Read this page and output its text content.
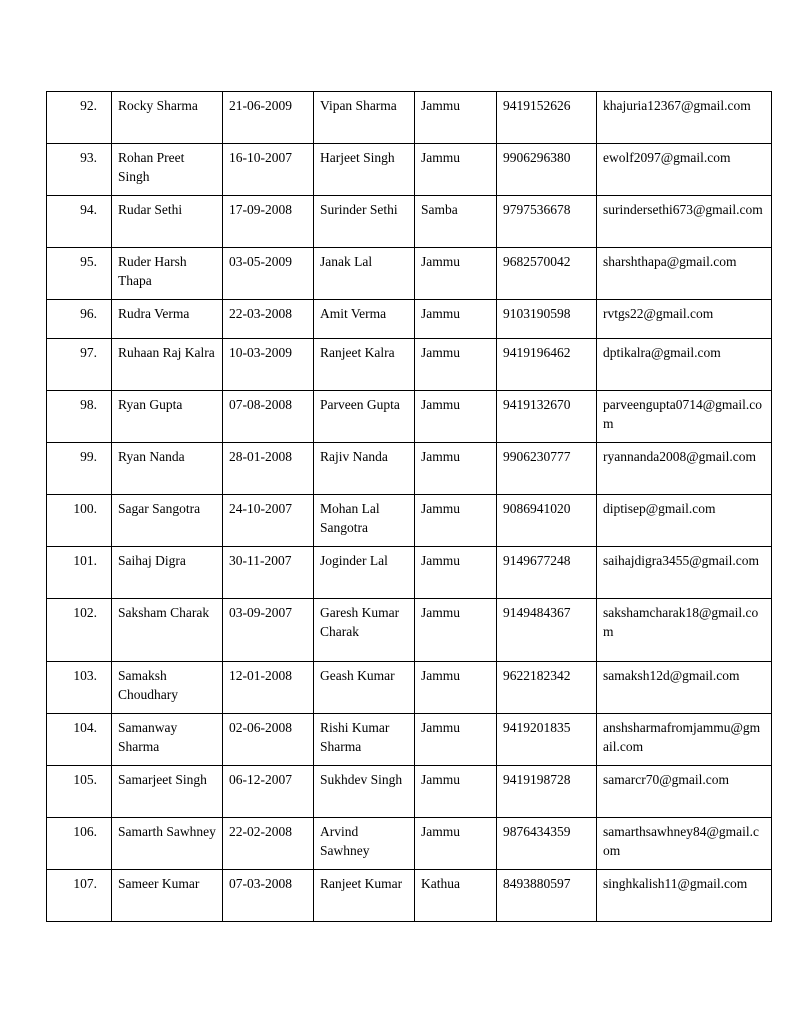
92.	Rocky Sharma	21-06-2009	Vipan Sharma	Jammu	9419152626	khajuria12367@gmail.com
93.	Rohan Preet Singh	16-10-2007	Harjeet Singh	Jammu	9906296380	ewolf2097@gmail.com
94.	Rudar Sethi	17-09-2008	Surinder Sethi	Samba	9797536678	surindersethi673@gmail.com
95.	Ruder Harsh Thapa	03-05-2009	Janak Lal	Jammu	9682570042	sharshthapa@gmail.com
96.	Rudra Verma	22-03-2008	Amit Verma	Jammu	9103190598	rvtgs22@gmail.com
97.	Ruhaan Raj Kalra	10-03-2009	Ranjeet Kalra	Jammu	9419196462	dptikalra@gmail.com
98.	Ryan Gupta	07-08-2008	Parveen Gupta	Jammu	9419132670	parveengupta0714@gmail.com
99.	Ryan Nanda	28-01-2008	Rajiv Nanda	Jammu	9906230777	ryannanda2008@gmail.com
100.	Sagar Sangotra	24-10-2007	Mohan Lal Sangotra	Jammu	9086941020	diptisep@gmail.com
101.	Saihaj Digra	30-11-2007	Joginder Lal	Jammu	9149677248	saihajdigra3455@gmail.com
102.	Saksham Charak	03-09-2007	Garesh Kumar Charak	Jammu	9149484367	sakshamcharak18@gmail.com
103.	Samaksh Choudhary	12-01-2008	Geash Kumar	Jammu	9622182342	samaksh12d@gmail.com
104.	Samanway Sharma	02-06-2008	Rishi Kumar Sharma	Jammu	9419201835	anshsharmafromjammu@gmail.com
105.	Samarjeet Singh	06-12-2007	Sukhdev Singh	Jammu	9419198728	samarcr70@gmail.com
106.	Samarth Sawhney	22-02-2008	Arvind Sawhney	Jammu	9876434359	samarthsawhney84@gmail.com
107.	Sameer Kumar	07-03-2008	Ranjeet Kumar	Kathua	8493880597	singhkalish11@gmail.com
